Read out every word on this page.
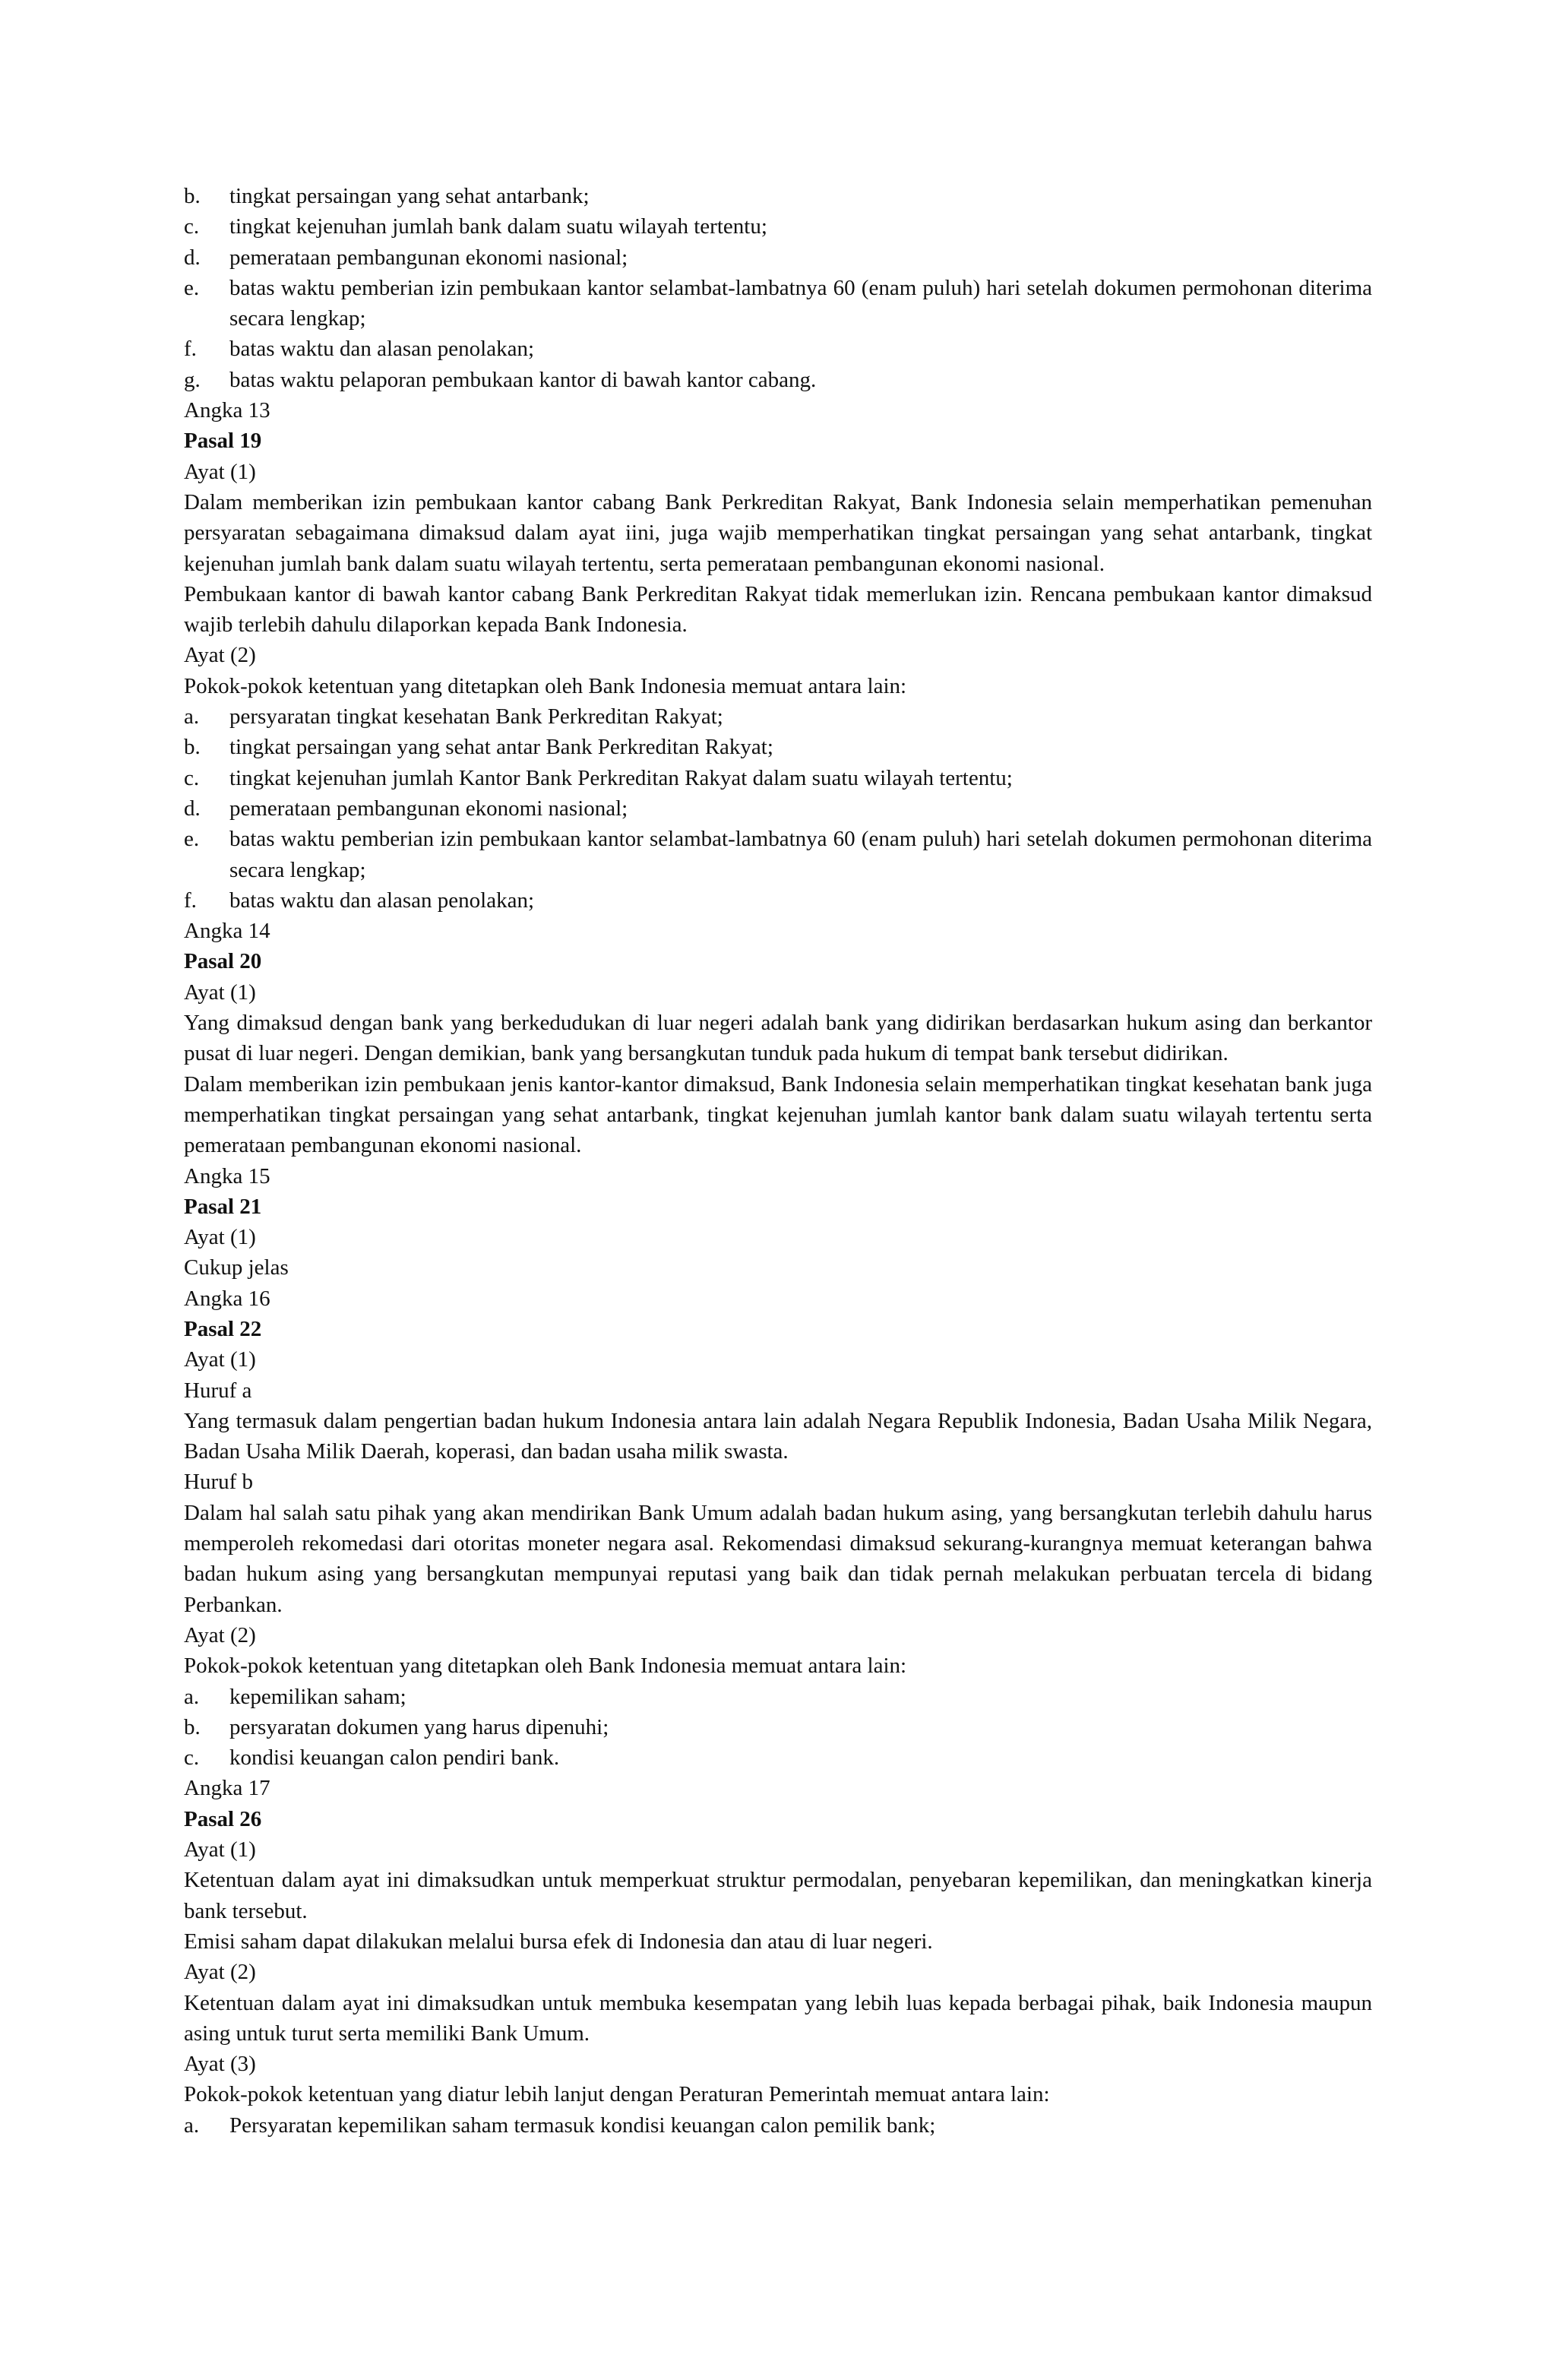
b.	tingkat persaingan yang sehat antarbank;
c.	tingkat kejenuhan jumlah bank dalam suatu wilayah tertentu;
d.	pemerataan pembangunan ekonomi nasional;
e.	batas waktu pemberian izin pembukaan kantor selambat-lambatnya 60 (enam puluh) hari setelah dokumen permohonan diterima secara lengkap;
f.	batas waktu dan alasan penolakan;
g.	batas waktu pelaporan pembukaan kantor di bawah kantor cabang.
Angka 13
Pasal 19
Ayat (1)
Dalam memberikan izin pembukaan kantor cabang Bank Perkreditan Rakyat, Bank Indonesia selain memperhatikan pemenuhan persyaratan sebagaimana dimaksud dalam ayat iini, juga wajib memperhatikan tingkat persaingan yang sehat antarbank, tingkat kejenuhan jumlah bank dalam suatu wilayah tertentu, serta pemerataan pembangunan ekonomi nasional.
Pembukaan kantor di bawah kantor cabang Bank Perkreditan Rakyat tidak memerlukan izin. Rencana pembukaan kantor dimaksud wajib terlebih dahulu dilaporkan kepada Bank Indonesia.
Ayat (2)
Pokok-pokok ketentuan yang ditetapkan oleh Bank Indonesia memuat antara lain:
a.	persyaratan tingkat kesehatan Bank Perkreditan Rakyat;
b.	tingkat persaingan yang sehat antar Bank Perkreditan Rakyat;
c.	tingkat kejenuhan jumlah Kantor Bank Perkreditan Rakyat dalam suatu wilayah tertentu;
d.	pemerataan pembangunan ekonomi nasional;
e.	batas waktu pemberian izin pembukaan kantor selambat-lambatnya 60 (enam puluh) hari setelah dokumen permohonan diterima secara lengkap;
f.	batas waktu dan alasan penolakan;
Angka 14
Pasal 20
Ayat (1)
Yang dimaksud dengan bank yang berkedudukan di luar negeri adalah bank yang didirikan berdasarkan hukum asing dan berkantor pusat di luar negeri. Dengan demikian, bank yang bersangkutan tunduk pada hukum di tempat bank tersebut didirikan.
Dalam memberikan izin pembukaan jenis kantor-kantor dimaksud, Bank Indonesia selain memperhatikan tingkat kesehatan bank juga memperhatikan tingkat persaingan yang sehat antarbank, tingkat kejenuhan jumlah kantor bank dalam suatu wilayah tertentu serta pemerataan pembangunan ekonomi nasional.
Angka 15
Pasal 21
Ayat (1)
Cukup jelas
Angka 16
Pasal 22
Ayat (1)
Huruf a
Yang termasuk dalam pengertian badan hukum Indonesia antara lain adalah Negara Republik Indonesia, Badan Usaha Milik Negara, Badan Usaha Milik Daerah, koperasi, dan badan usaha milik swasta.
Huruf b
Dalam hal salah satu pihak yang akan mendirikan Bank Umum adalah badan hukum asing, yang bersangkutan terlebih dahulu harus memperoleh rekomedasi dari otoritas moneter negara asal. Rekomendasi dimaksud sekurang-kurangnya memuat keterangan bahwa badan hukum asing yang bersangkutan mempunyai reputasi yang baik dan tidak pernah melakukan perbuatan tercela di bidang Perbankan.
Ayat (2)
Pokok-pokok ketentuan yang ditetapkan oleh Bank Indonesia memuat antara lain:
a.	kepemilikan saham;
b.	persyaratan dokumen yang harus dipenuhi;
c.	kondisi keuangan calon pendiri bank.
Angka 17
Pasal 26
Ayat (1)
Ketentuan dalam ayat ini dimaksudkan untuk memperkuat struktur permodalan, penyebaran kepemilikan, dan meningkatkan kinerja bank tersebut.
Emisi saham dapat dilakukan melalui bursa efek di Indonesia dan atau di luar negeri.
Ayat (2)
Ketentuan dalam ayat ini dimaksudkan untuk membuka kesempatan yang lebih luas kepada berbagai pihak, baik Indonesia maupun asing untuk turut serta memiliki Bank Umum.
Ayat (3)
Pokok-pokok ketentuan yang diatur lebih lanjut dengan Peraturan Pemerintah memuat antara lain:
a.	Persyaratan kepemilikan saham termasuk kondisi keuangan calon pemilik bank;
